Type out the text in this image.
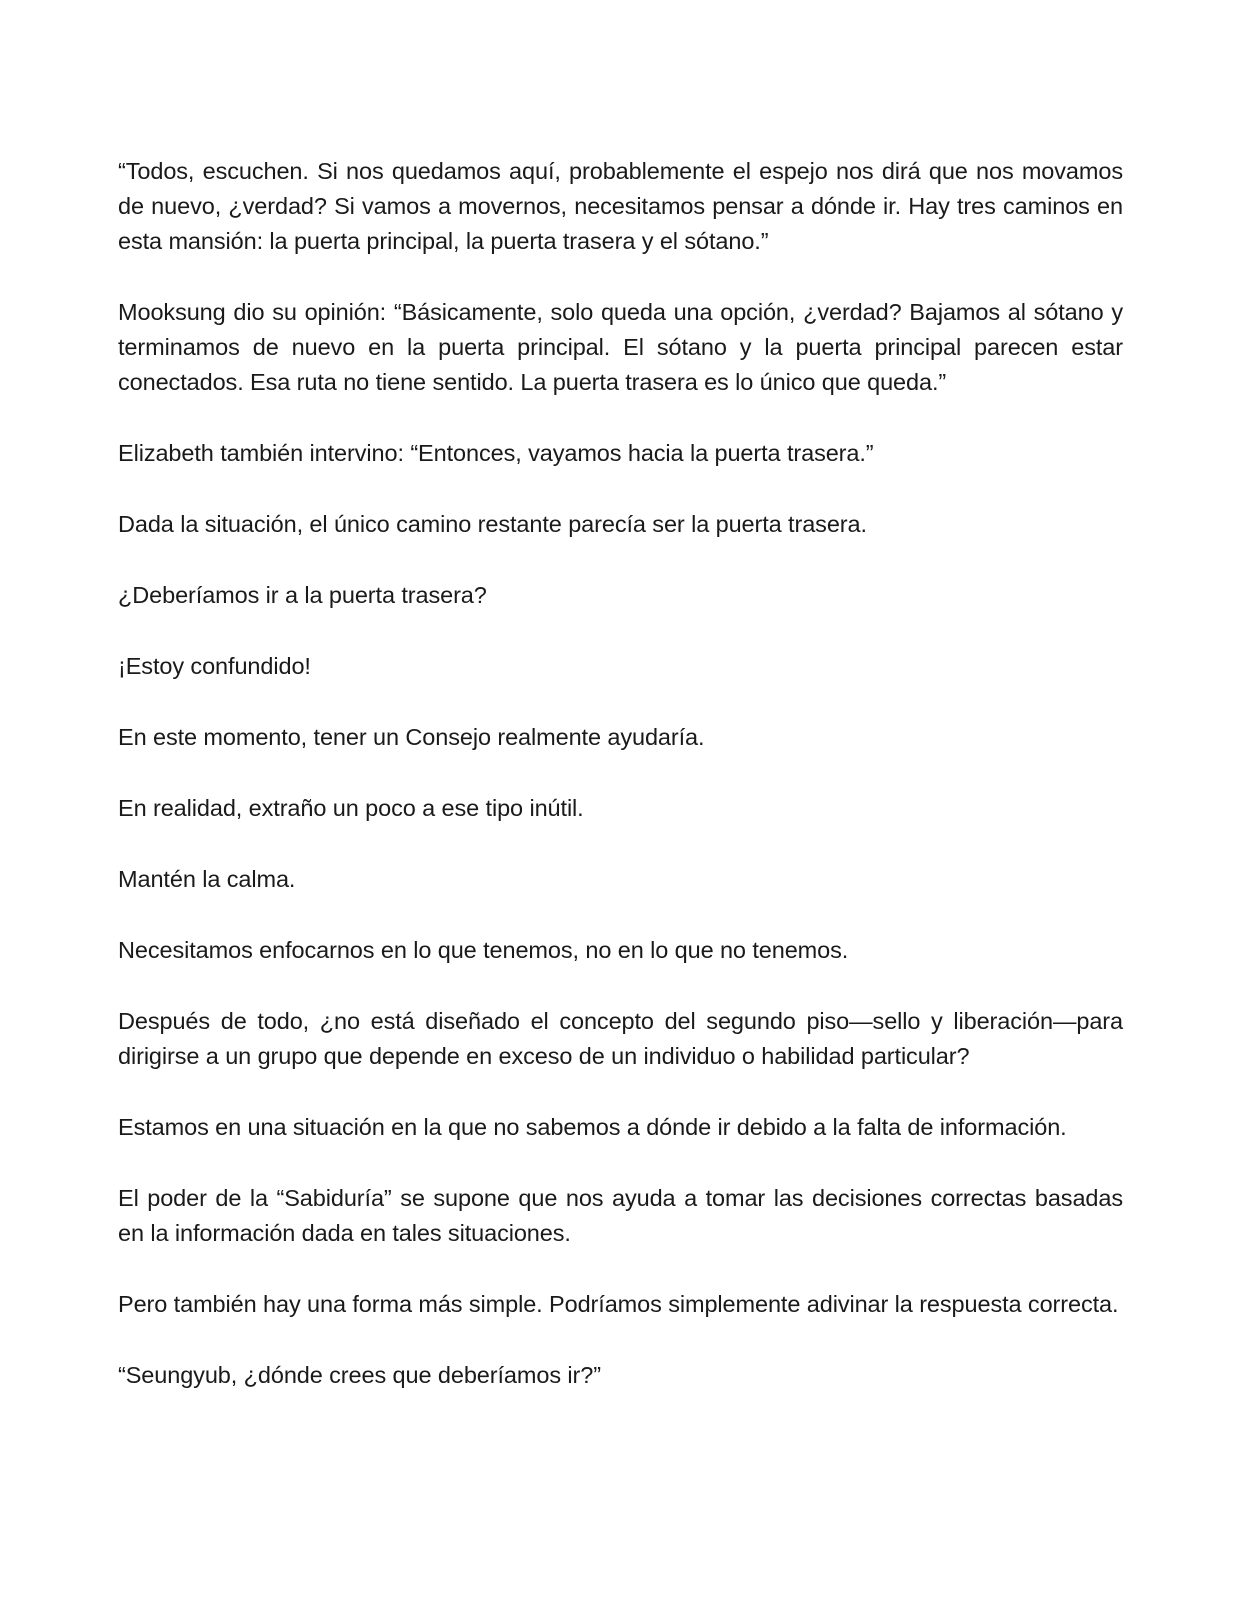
“Todos, escuchen. Si nos quedamos aquí, probablemente el espejo nos dirá que nos movamos de nuevo, ¿verdad? Si vamos a movernos, necesitamos pensar a dónde ir. Hay tres caminos en esta mansión: la puerta principal, la puerta trasera y el sótano.”

Mooksung dio su opinión: “Básicamente, solo queda una opción, ¿verdad? Bajamos al sótano y terminamos de nuevo en la puerta principal. El sótano y la puerta principal parecen estar conectados. Esa ruta no tiene sentido. La puerta trasera es lo único que queda.”

Elizabeth también intervino: “Entonces, vayamos hacia la puerta trasera.”

Dada la situación, el único camino restante parecía ser la puerta trasera.

¿Deberíamos ir a la puerta trasera?

¡Estoy confundido!

En este momento, tener un Consejo realmente ayudaría.

En realidad, extraño un poco a ese tipo inútil.

Mantén la calma.

Necesitamos enfocarnos en lo que tenemos, no en lo que no tenemos.

Después de todo, ¿no está diseñado el concepto del segundo piso—sello y liberación—para dirigirse a un grupo que depende en exceso de un individuo o habilidad particular?

Estamos en una situación en la que no sabemos a dónde ir debido a la falta de información.

El poder de la “Sabiduría” se supone que nos ayuda a tomar las decisiones correctas basadas en la información dada en tales situaciones.

Pero también hay una forma más simple. Podríamos simplemente adivinar la respuesta correcta.

“Seungyub, ¿dónde crees que deberíamos ir?”
